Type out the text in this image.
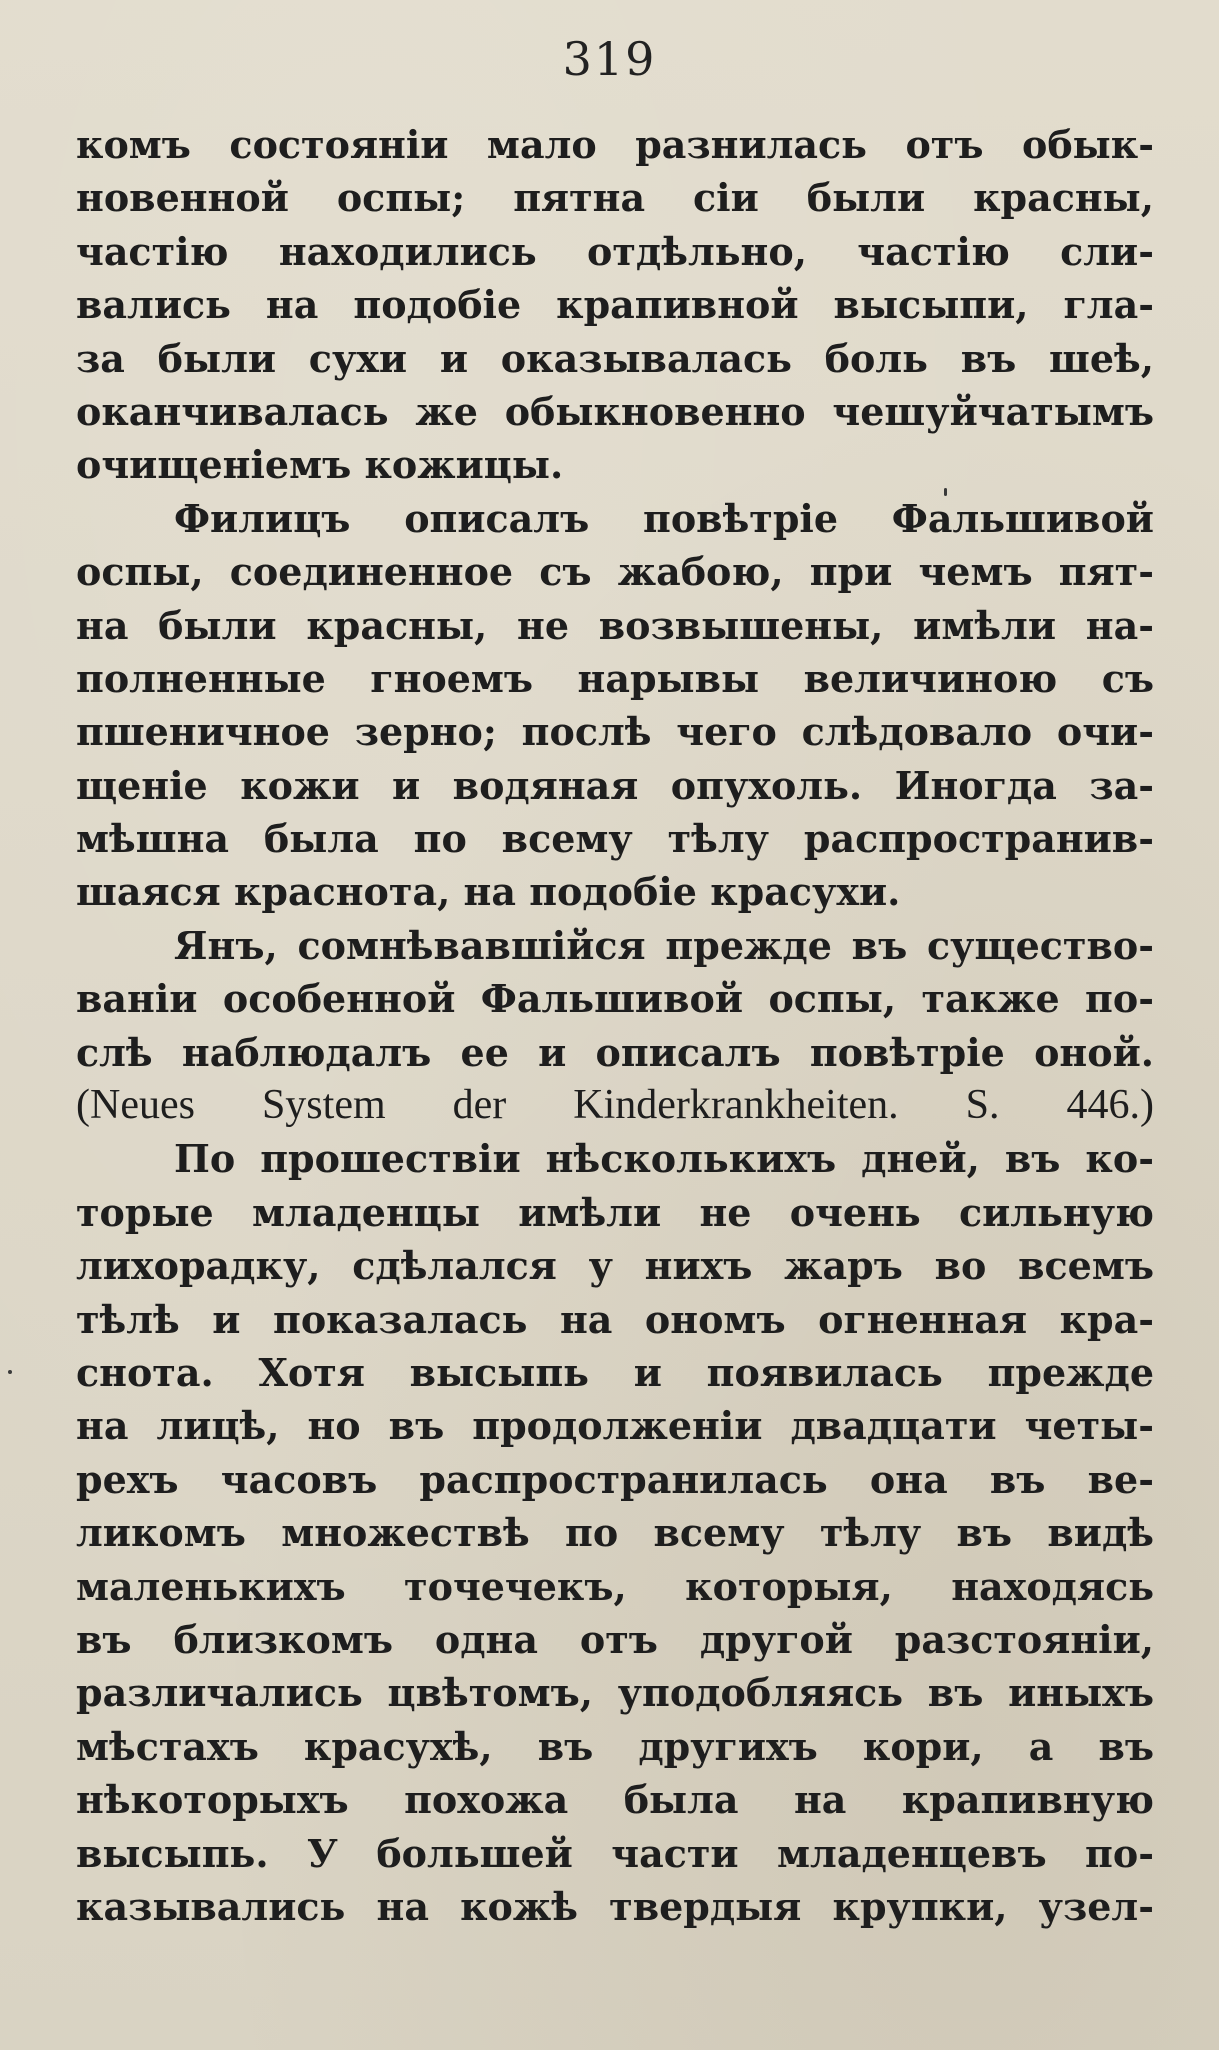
319
комъ состояніи мало разнилась отъ обык-
новенной оспы; пятна сіи были красны,
частію находились отдѣльно, частію сли-
вались на подобіе крапивной высыпи, гла-
за были сухи и оказывалась боль въ шеѣ,
оканчивалась же обыкновенно чешуйчатымъ
очищеніемъ кожицы.
Филицъ описалъ повѣтріе Фальшивой
оспы, соединенное съ жабою, при чемъ пят-
на были красны, не возвышены, имѣли на-
полненные гноемъ нарывы величиною съ
пшеничное зерно; послѣ чего слѣдовало очи-
щеніе кожи и водяная опухоль. Иногда за-
мѣшна была по всему тѣлу распространив-
шаяся краснота, на подобіе красухи.
Янъ, сомнѣвавшійся прежде въ существо-
ваніи особенной Фальшивой оспы, также по-
слѣ наблюдалъ ее и описалъ повѣтріе оной.
(Neues System der Kinderkrankheiten. S. 446.)
По прошествіи нѣсколькихъ дней, въ ко-
торые младенцы имѣли не очень сильную
лихорадку, сдѣлался у нихъ жаръ во всемъ
тѣлѣ и показалась на ономъ огненная кра-
снота. Хотя высыпь и появилась прежде
на лицѣ, но въ продолженіи двадцати четы-
рехъ часовъ распространилась она въ ве-
ликомъ множествѣ по всему тѣлу въ видѣ
маленькихъ точечекъ, которыя, находясь
въ близкомъ одна отъ другой разстояніи,
различались цвѣтомъ, уподобляясь въ иныхъ
мѣстахъ красухѣ, въ другихъ кори, а въ
нѣкоторыхъ похожа была на крапивную
высыпь. У большей части младенцевъ по-
казывались на кожѣ твердыя крупки, узел-
